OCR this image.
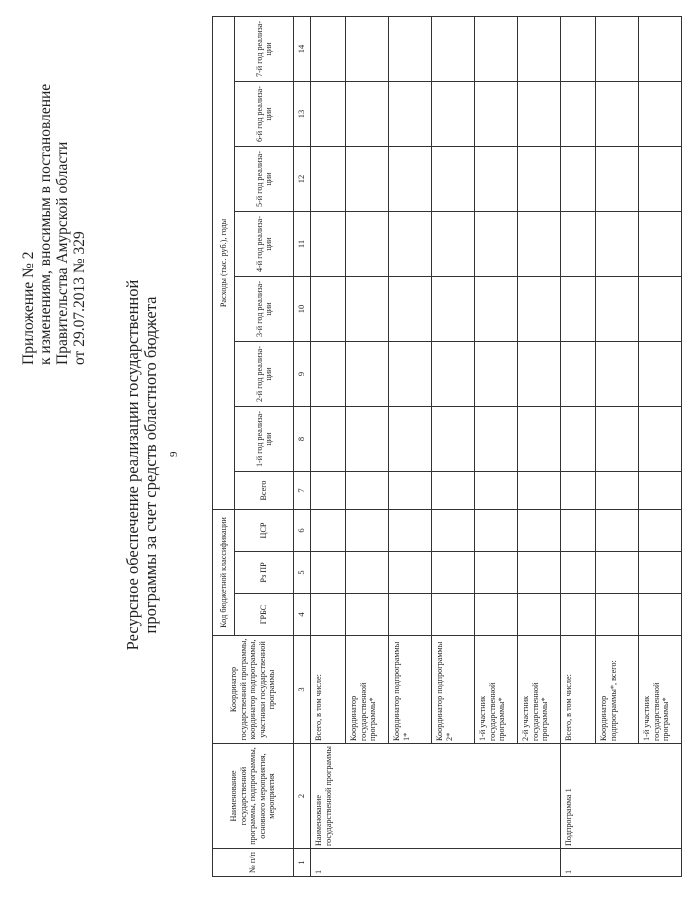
9
Приложение № 2 к изменениям, вносимым в постановление Правительства Амурской области от 29.07.2013 № 329 Ресурсное обеспечение реализации государственной программы за счет средств областного бюджета
№ п/п	Наименование государственной программы, подпрограммы, основного мероприятия, мероприятия	Координатор государственной программы, координатор подпрограммы, участники государственной программы	Код бюджетной классификации			Расходы (тыс. руб.), годы							
			ГРБС	Рз ПР	ЦСР	Всего	1-й год реализа-ции	2-й год реализа-ции	3-й год реализа-ции	4-й год реализа-ции	5-й год реализа-ции	6-й год реализа-ции	7-й год реализа-ции
1	2	3	4	5	6	7	8	9	10	11	12	13	14
1	Наименование государственной программы	Всего, в том числе:											
		Координатор государственной программы*											
		Координатор подпрограммы 1*											
		Координатор подпрограммы 2*											
		1-й участник государственной программы*											
		2-й участник государственной программы*											
1	Подпрограмма 1	Всего, в том числе:											
		Координатор подпрограммы*, всего:											
		1-й участник государственной программы*											
